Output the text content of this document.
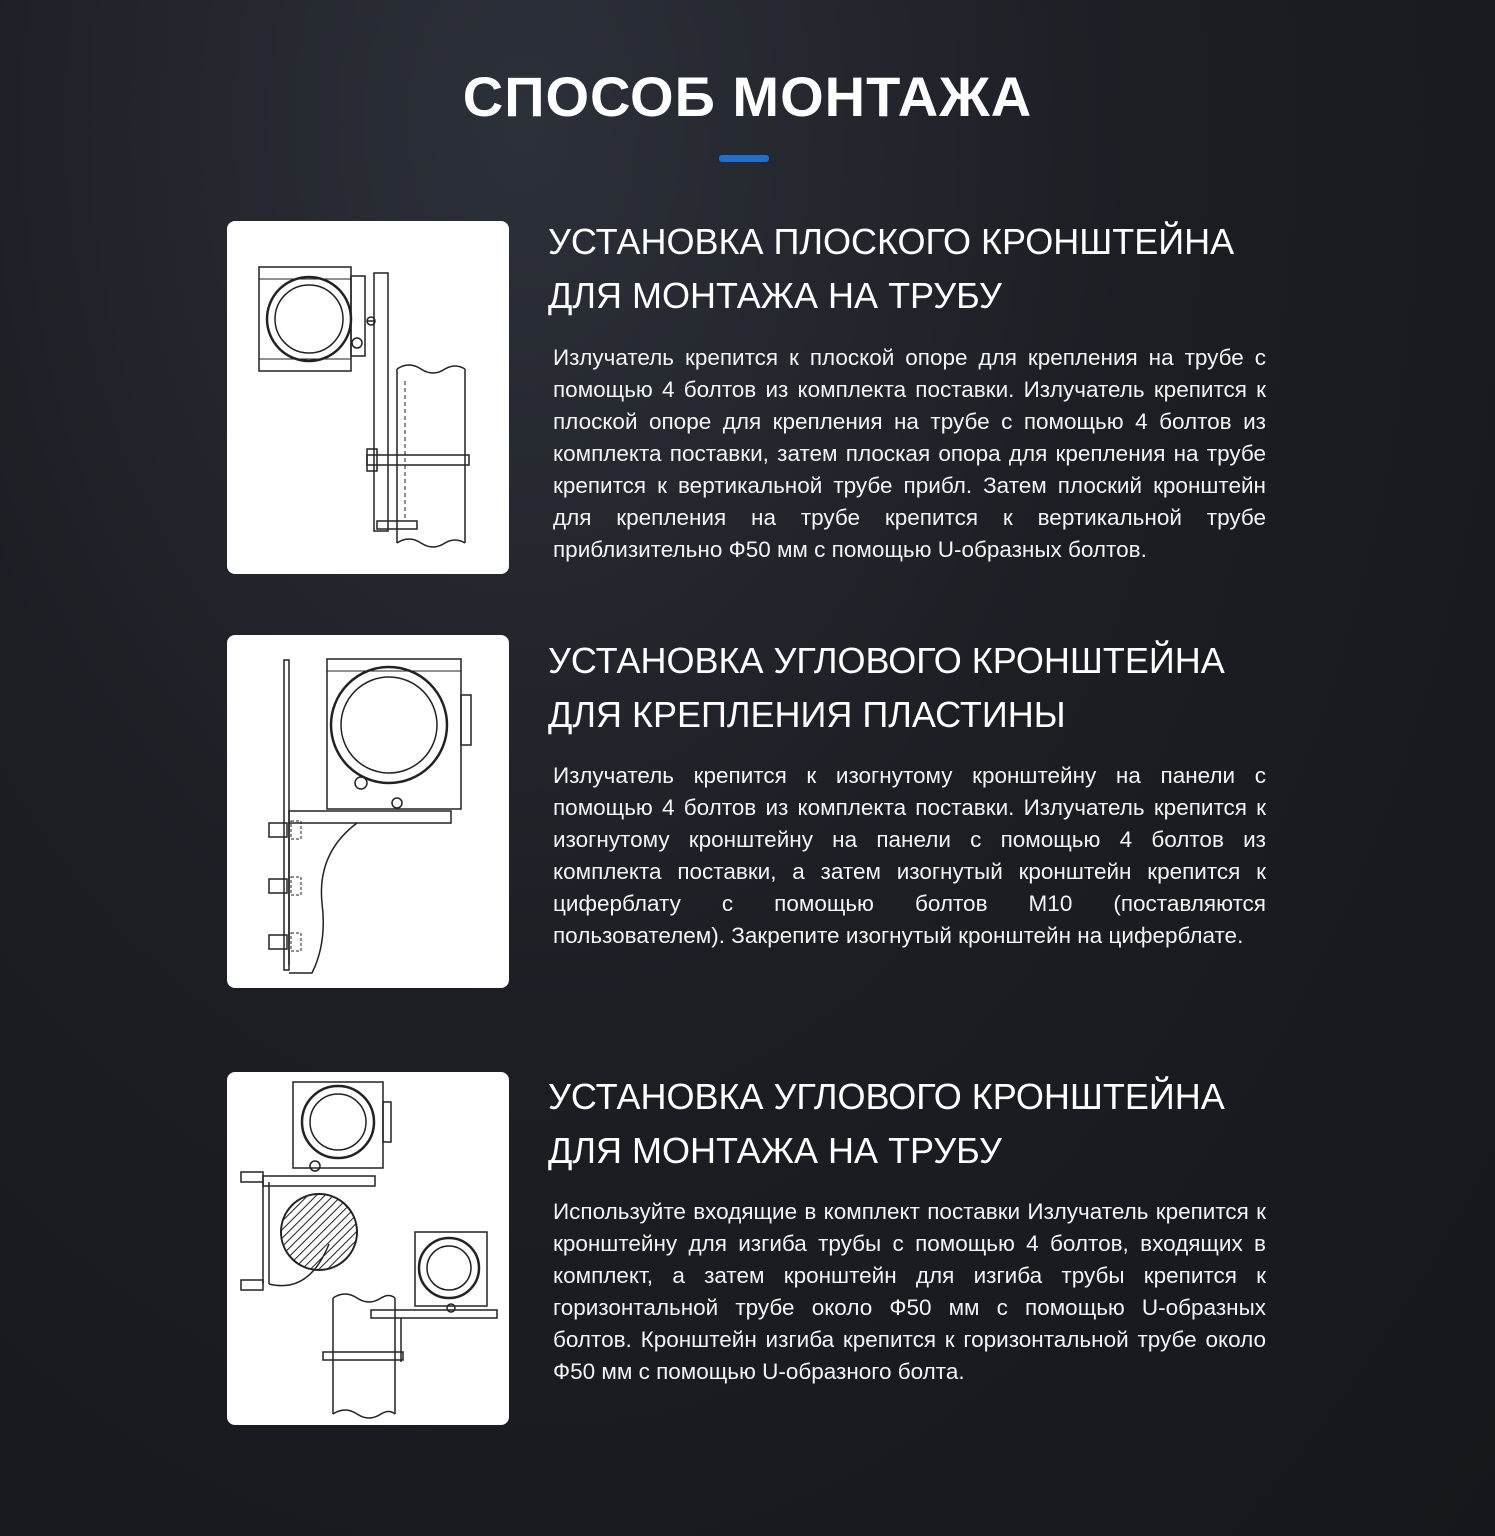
СПОСОБ МОНТАЖА
УСТАНОВКА ПЛОСКОГО КРОНШТЕЙНА ДЛЯ МОНТАЖА НА ТРУБУ

Излучатель крепится к плоской опоре для крепления на трубе с помощью 4 болтов из комплекта поставки. Излучатель крепится к плоской опоре для крепления на трубе с помощью 4 болтов из комплекта поставки, затем плоская опора для крепления на трубе крепится к вертикальной трубе прибл. Затем плоский кронштейн для крепления на трубе крепится к вертикальной трубе приблизительно Ф50 мм с помощью U-образных болтов.

УСТАНОВКА УГЛОВОГО КРОНШТЕЙНА ДЛЯ КРЕПЛЕНИЯ ПЛАСТИНЫ

Излучатель крепится к изогнутому кронштейну на панели с помощью 4 болтов из комплекта поставки. Излучатель крепится к изогнутому кронштейну на панели с помощью 4 болтов из комплекта поставки, а затем изогнутый кронштейн крепится к циферблату с помощью болтов M10 (поставляются пользователем). Закрепите изогнутый кронштейн на циферблате.

УСТАНОВКА УГЛОВОГО КРОНШТЕЙНА ДЛЯ МОНТАЖА НА ТРУБУ

Используйте входящие в комплект поставки Излучатель крепится к кронштейну для изгиба трубы с помощью 4 болтов, входящих в комплект, а затем кронштейн для изгиба трубы крепится к горизонтальной трубе около Ф50 мм с помощью U-образных болтов. Кронштейн изгиба крепится к горизонтальной трубе около Ф50 мм с помощью U-образного болта.
